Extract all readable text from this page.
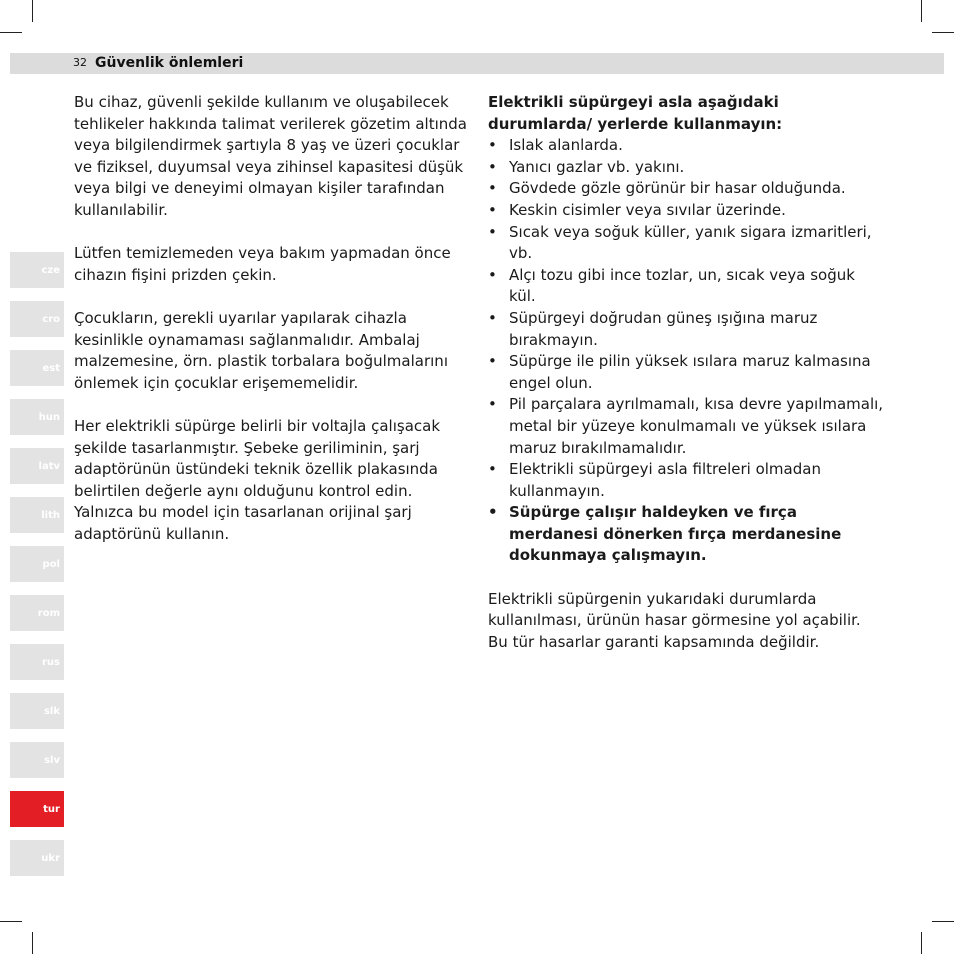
32 Güvenlik önlemleri
cze
cro
est
hun
latv
lith
pol
rom
rus
slk
slv
tur
ukr

Bu cihaz, güvenli şekilde kullanım ve oluşabilecek tehlikeler hakkında talimat verilerek gözetim altında veya bilgilendirmek şartıyla 8 yaş ve üzeri çocuklar ve fiziksel, duyumsal veya zihinsel kapasitesi düşük veya bilgi ve deneyimi olmayan kişiler tarafından kullanılabilir.

Lütfen temizlemeden veya bakım yapmadan önce cihazın fişini prizden çekin.

Çocukların, gerekli uyarılar yapılarak cihazla kesinlikle oynamaması sağlanmalıdır. Ambalaj malzemesine, örn. plastik torbalara boğulmalarını önlemek için çocuklar erişememelidir.

Her elektrikli süpürge belirli bir voltajla çalışacak şekilde tasarlanmıştır. Şebeke geriliminin, şarj adaptörünün üstündeki teknik özellik plakasında belirtilen değerle aynı olduğunu kontrol edin. Yalnızca bu model için tasarlanan orijinal şarj adaptörünü kullanın.

Elektrikli süpürgeyi asla aşağıdaki durumlarda/ yerlerde kullanmayın:
• Islak alanlarda.
• Yanıcı gazlar vb. yakını.
• Gövdede gözle görünür bir hasar olduğunda.
• Keskin cisimler veya sıvılar üzerinde.
• Sıcak veya soğuk küller, yanık sigara izmaritleri, vb.
• Alçı tozu gibi ince tozlar, un, sıcak veya soğuk kül.
• Süpürgeyi doğrudan güneş ışığına maruz bırakmayın.
• Süpürge ile pilin yüksek ısılara maruz kalmasına engel olun.
• Pil parçalara ayrılmamalı, kısa devre yapılmamalı, metal bir yüzeye konulmamalı ve yüksek ısılara maruz bırakılmamalıdır.
• Elektrikli süpürgeyi asla filtreleri olmadan kullanmayın.
• Süpürge çalışır haldeyken ve fırça merdanesi dönerken fırça merdanesine dokunmaya çalışmayın.

Elektrikli süpürgenin yukarıdaki durumlarda kullanılması, ürünün hasar görmesine yol açabilir. Bu tür hasarlar garanti kapsamında değildir.
